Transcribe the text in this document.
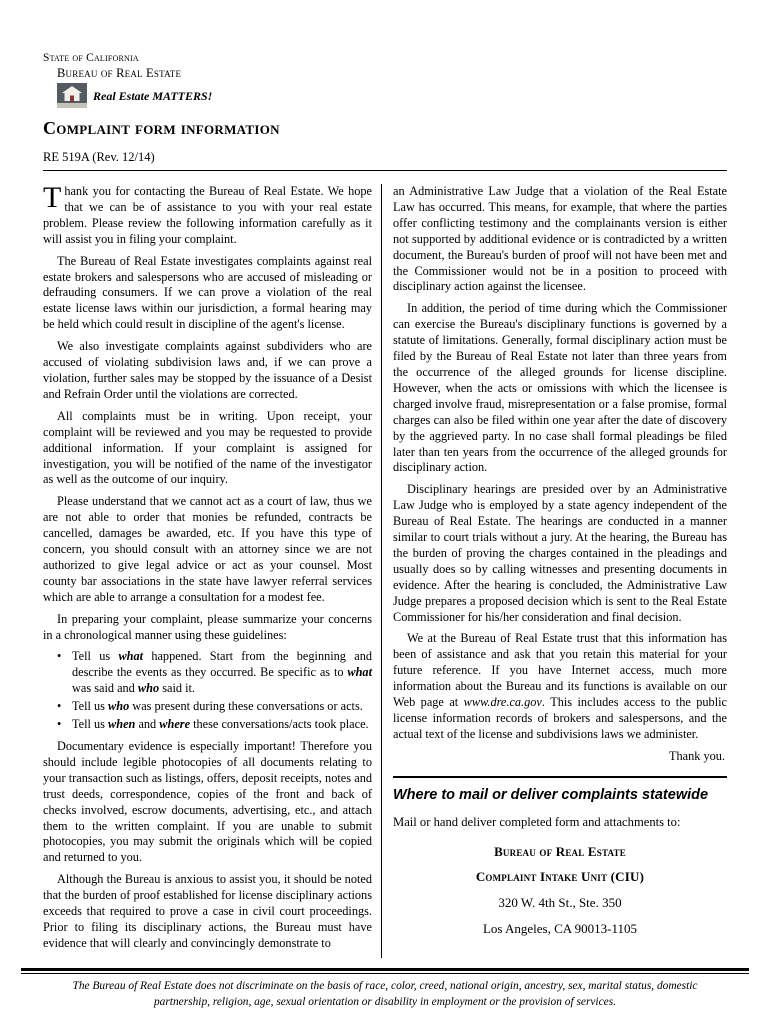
State of California
Bureau of Real Estate
Real Estate MATTERS!
Complaint form information
RE 519A (Rev. 12/14)

Thank you for contacting the Bureau of Real Estate. We hope that we can be of assistance to you with your real estate problem. Please review the following information carefully as it will assist you in filing your complaint.

The Bureau of Real Estate investigates complaints against real estate brokers and salespersons who are accused of misleading or defrauding consumers. If we can prove a violation of the real estate license laws within our jurisdiction, a formal hearing may be held which could result in discipline of the agent's license.

We also investigate complaints against subdividers who are accused of violating subdivision laws and, if we can prove a violation, further sales may be stopped by the issuance of a Desist and Refrain Order until the violations are corrected.

All complaints must be in writing. Upon receipt, your complaint will be reviewed and you may be requested to provide additional information. If your complaint is assigned for investigation, you will be notified of the name of the investigator as well as the outcome of our inquiry.

Please understand that we cannot act as a court of law, thus we are not able to order that monies be refunded, contracts be cancelled, damages be awarded, etc. If you have this type of concern, you should consult with an attorney since we are not authorized to give legal advice or act as your counsel. Most county bar associations in the state have lawyer referral services which are able to arrange a consultation for a modest fee.

In preparing your complaint, please summarize your concerns in a chronological manner using these guidelines:

• Tell us what happened. Start from the beginning and describe the events as they occurred. Be specific as to what was said and who said it.
• Tell us who was present during these conversations or acts.
• Tell us when and where these conversations/acts took place.

Documentary evidence is especially important! Therefore you should include legible photocopies of all documents relating to your transaction such as listings, offers, deposit receipts, notes and trust deeds, correspondence, copies of the front and back of checks involved, escrow documents, advertising, etc., and attach them to the written complaint. If you are unable to submit photocopies, you may submit the originals which will be copied and returned to you.

Although the Bureau is anxious to assist you, it should be noted that the burden of proof established for license disciplinary actions exceeds that required to prove a case in civil court proceedings. Prior to filing its disciplinary actions, the Bureau must have evidence that will clearly and convincingly demonstrate to

an Administrative Law Judge that a violation of the Real Estate Law has occurred. This means, for example, that where the parties offer conflicting testimony and the complainants version is either not supported by additional evidence or is contradicted by a written document, the Bureau's burden of proof will not have been met and the Commissioner would not be in a position to proceed with disciplinary action against the licensee.

In addition, the period of time during which the Commissioner can exercise the Bureau's disciplinary functions is governed by a statute of limitations. Generally, formal disciplinary action must be filed by the Bureau of Real Estate not later than three years from the occurrence of the alleged grounds for license discipline. However, when the acts or omissions with which the licensee is charged involve fraud, misrepresentation or a false promise, formal charges can also be filed within one year after the date of discovery by the aggrieved party. In no case shall formal pleadings be filed later than ten years from the occurrence of the alleged grounds for disciplinary action.

Disciplinary hearings are presided over by an Administrative Law Judge who is employed by a state agency independent of the Bureau of Real Estate. The hearings are conducted in a manner similar to court trials without a jury. At the hearing, the Bureau has the burden of proving the charges contained in the pleadings and usually does so by calling witnesses and presenting documents in evidence. After the hearing is concluded, the Administrative Law Judge prepares a proposed decision which is sent to the Real Estate Commissioner for his/her consideration and final decision.

We at the Bureau of Real Estate trust that this information has been of assistance and ask that you retain this material for your future reference. If you have Internet access, much more information about the Bureau and its functions is available on our Web page at www.dre.ca.gov. This includes access to the public license information records of brokers and salespersons, and the actual text of the license and subdivisions laws we administer.

Thank you.

Where to mail or deliver complaints statewide

Mail or hand deliver completed form and attachments to:

Bureau of Real Estate
Complaint Intake Unit (CIU)
320 W. 4th St., Ste. 350
Los Angeles, CA 90013-1105

The Bureau of Real Estate does not discriminate on the basis of race, color, creed, national origin, ancestry, sex, marital status, domestic partnership, religion, age, sexual orientation or disability in employment or the provision of services.
